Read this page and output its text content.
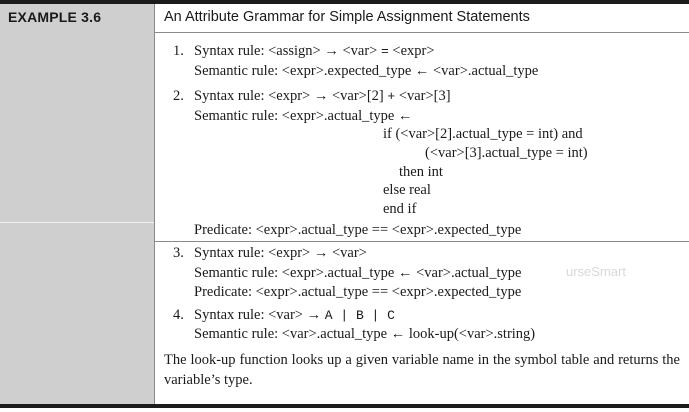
EXAMPLE 3.6	An Attribute Grammar for Simple Assignment Statements
1. Syntax rule: <assign> → <var> = <expr>
Semantic rule: <expr>.expected_type ← <var>.actual_type
2. Syntax rule: <expr> → <var>[2] + <var>[3]
Semantic rule: <expr>.actual_type ←
if (<var>[2].actual_type = int) and
(<var>[3].actual_type = int)
then int
else real
end if
Predicate: <expr>.actual_type == <expr>.expected_type
3. Syntax rule: <expr> → <var>
Semantic rule: <expr>.actual_type ← <var>.actual_type	urseSmart
Predicate: <expr>.actual_type == <expr>.expected_type
4. Syntax rule: <var> → A | B | C
Semantic rule: <var>.actual_type ← look-up(<var>.string)
The look-up function looks up a given variable name in the symbol table and returns the variable’s type.
